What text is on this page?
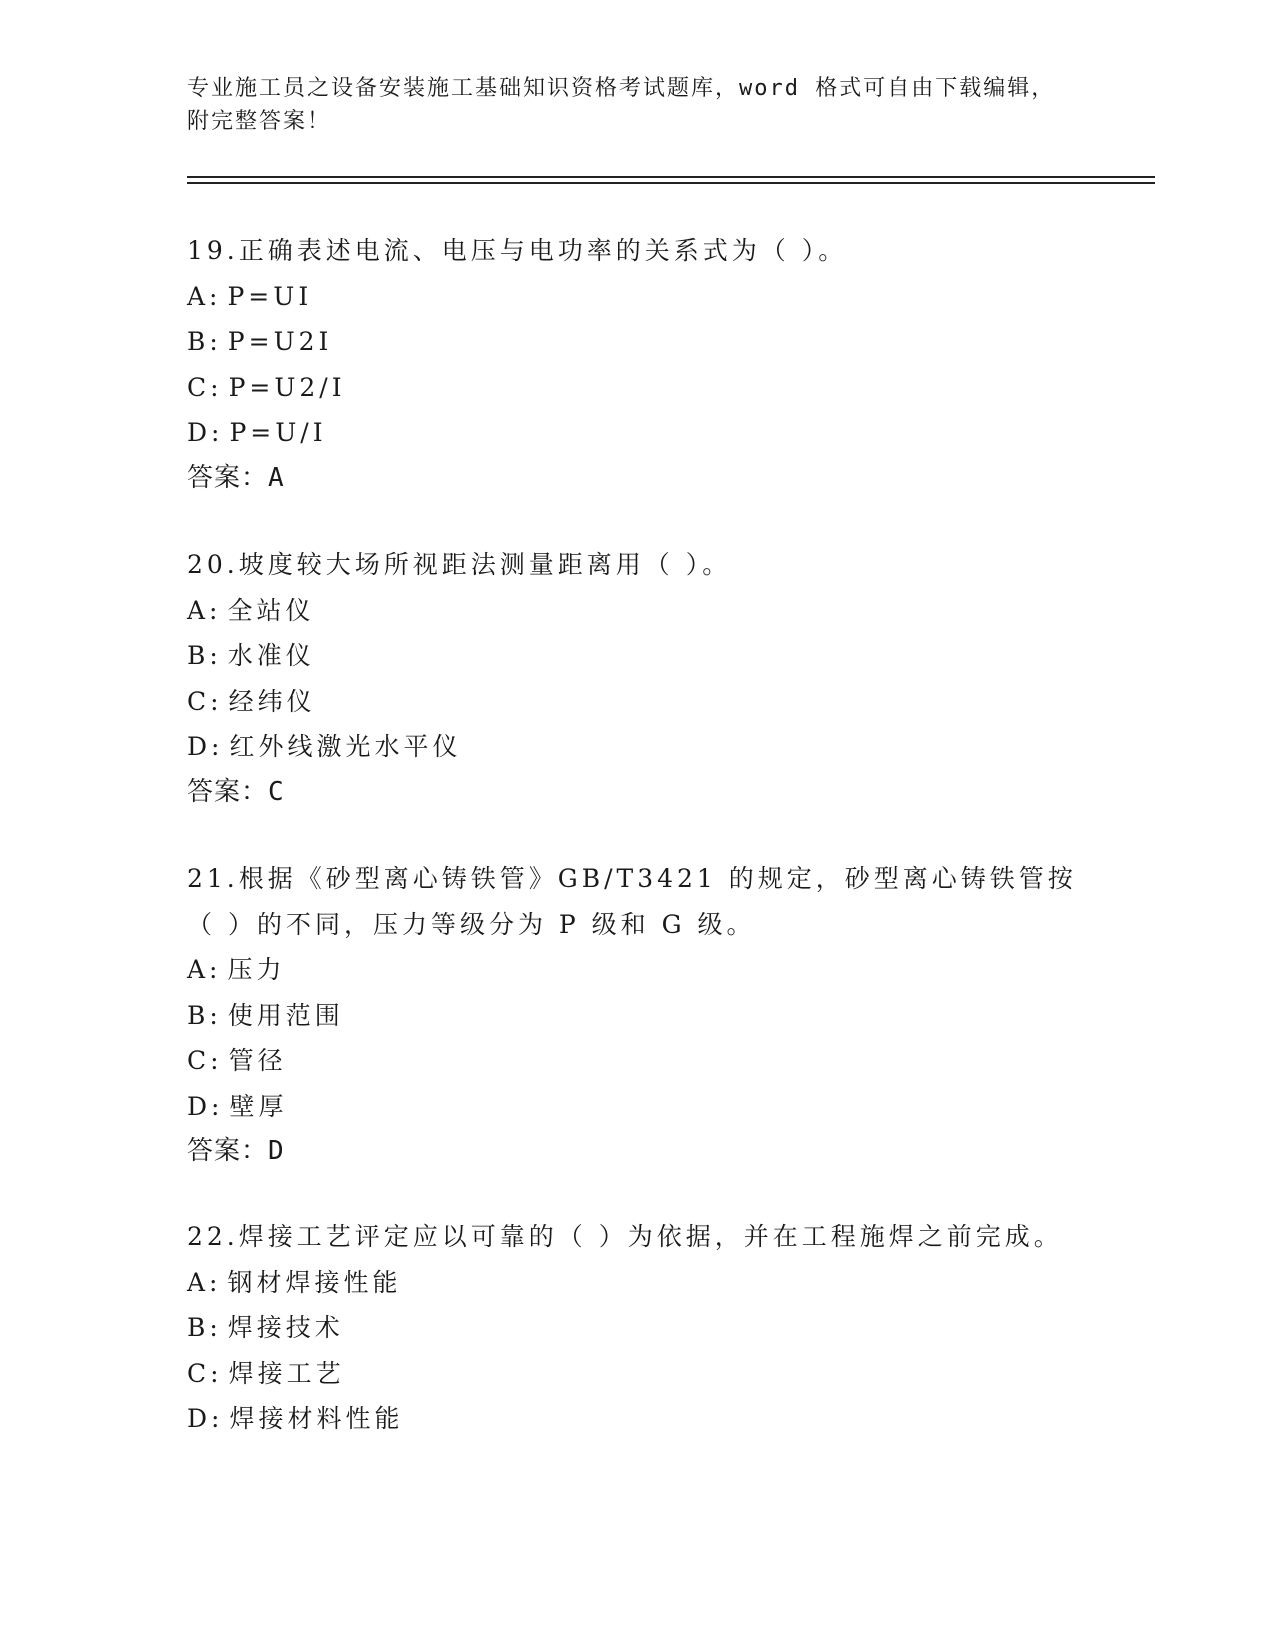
专业施工员之设备安装施工基础知识资格考试题库，word 格式可自由下载编辑，
附完整答案！
19.正确表述电流、电压与电功率的关系式为（ ）。
A: P=UI
B: P=U2I
C: P=U2/I
D: P=U/I
答案：A
20.坡度较大场所视距法测量距离用（ ）。
A: 全站仪
B: 水准仪
C: 经纬仪
D: 红外线激光水平仪
答案：C
21.根据《砂型离心铸铁管》GB/T3421 的规定，砂型离心铸铁管按（ ）的不同，压力等级分为 P 级和 G 级。
A: 压力
B: 使用范围
C: 管径
D: 壁厚
答案：D
22.焊接工艺评定应以可靠的（ ）为依据，并在工程施焊之前完成。
A: 钢材焊接性能
B: 焊接技术
C: 焊接工艺
D: 焊接材料性能
